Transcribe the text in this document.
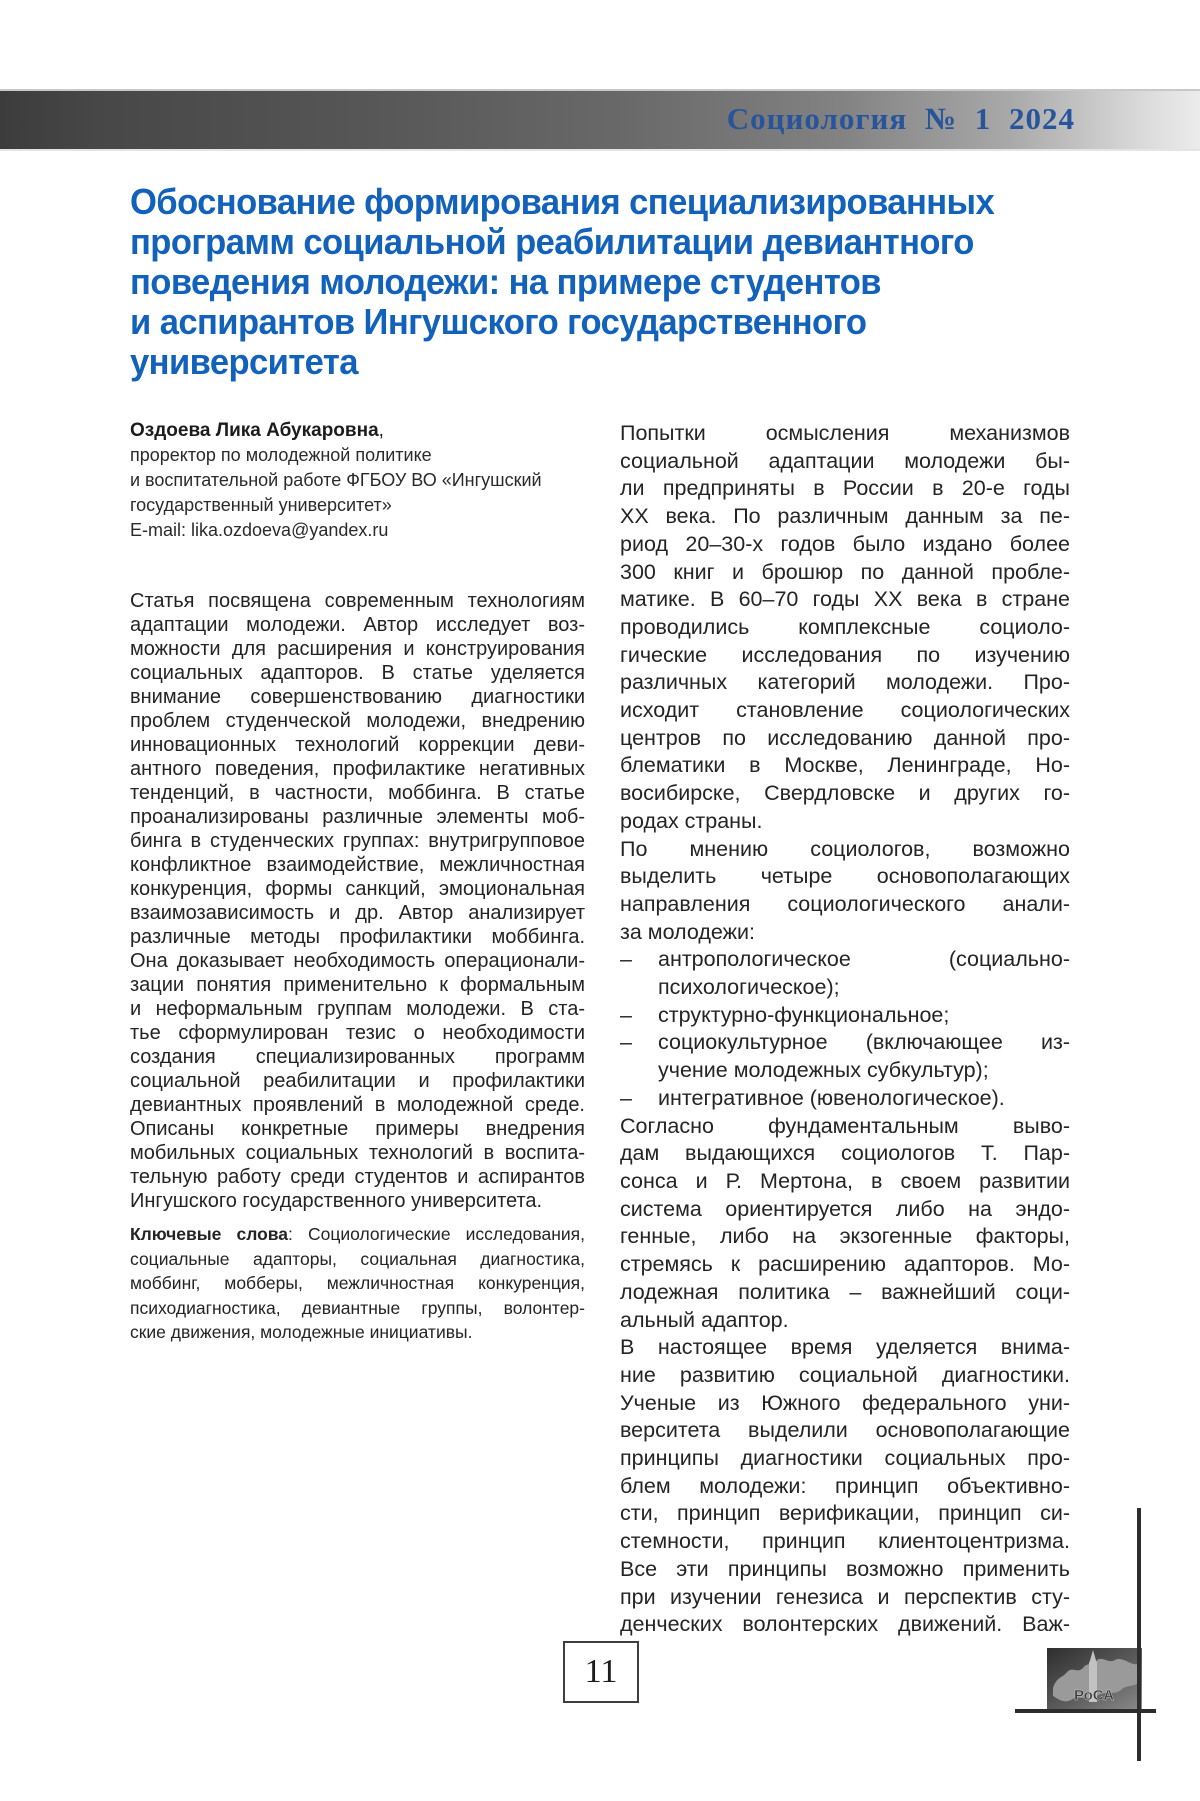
Социология № 1 2024
Обоснование формирования специализированных
программ социальной реабилитации девиантного
поведения молодежи: на примере студентов
и аспирантов Ингушского государственного
университета
Оздоева Лика Абукаровна,
проректор по молодежной политике
и воспитательной работе ФГБОУ ВО «Ингушский
государственный университет»
E-mail: lika.ozdoeva@yandex.ru
Статья посвящена современным технологиям
адаптации молодежи. Автор исследует воз-
можности для расширения и конструирования
социальных адапторов. В статье уделяется
внимание совершенствованию диагностики
проблем студенческой молодежи, внедрению
инновационных технологий коррекции деви-
антного поведения, профилактике негативных
тенденций, в частности, моббинга. В статье
проанализированы различные элементы моб-
бинга в студенческих группах: внутригрупповое
конфликтное взаимодействие, межличностная
конкуренция, формы санкций, эмоциональная
взаимозависимость и др. Автор анализирует
различные методы профилактики моббинга.
Она доказывает необходимость операционали-
зации понятия применительно к формальным
и неформальным группам молодежи. В ста-
тье сформулирован тезис о необходимости
создания специализированных программ
социальной реабилитации и профилактики
девиантных проявлений в молодежной среде.
Описаны конкретные примеры внедрения
мобильных социальных технологий в воспита-
тельную работу среди студентов и аспирантов
Ингушского государственного университета.
Ключевые слова: Социологические исследования,
социальные адапторы, социальная диагностика,
моббинг, мобберы, межличностная конкуренция,
психодиагностика, девиантные группы, волонтер-
ские движения, молодежные инициативы.
Попытки осмысления механизмов
социальной адаптации молодежи бы-
ли предприняты в России в 20-е годы
XX века. По различным данным за пе-
риод 20–30-х годов было издано более
300 книг и брошюр по данной пробле-
матике. В 60–70 годы XX века в стране
проводились комплексные социоло-
гические исследования по изучению
различных категорий молодежи. Про-
исходит становление социологических
центров по исследованию данной про-
блематики в Москве, Ленинграде, Но-
восибирске, Свердловске и других го-
родах страны.
По мнению социологов, возможно
выделить четыре основополагающих
направления социологического анали-
за молодежи:
–	антропологическое (социально-
психологическое);
–	структурно-функциональное;
–	социокультурное (включающее из-
учение молодежных субкультур);
–	интегративное (ювенологическое).
Согласно фундаментальным выво-
дам выдающихся социологов Т. Пар-
сонса и Р. Мертона, в своем развитии
система ориентируется либо на эндо-
генные, либо на экзогенные факторы,
стремясь к расширению адапторов. Мо-
лодежная политика – важнейший соци-
альный адаптор.
В настоящее время уделяется внима-
ние развитию социальной диагностики.
Ученые из Южного федерального уни-
верситета выделили основополагающие
принципы диагностики социальных про-
блем молодежи: принцип объективно-
сти, принцип верификации, принцип си-
стемности, принцип клиентоцентризма.
Все эти принципы возможно применить
при изучении генезиса и перспектив сту-
денческих волонтерских движений. Важ-
11
РоСА
